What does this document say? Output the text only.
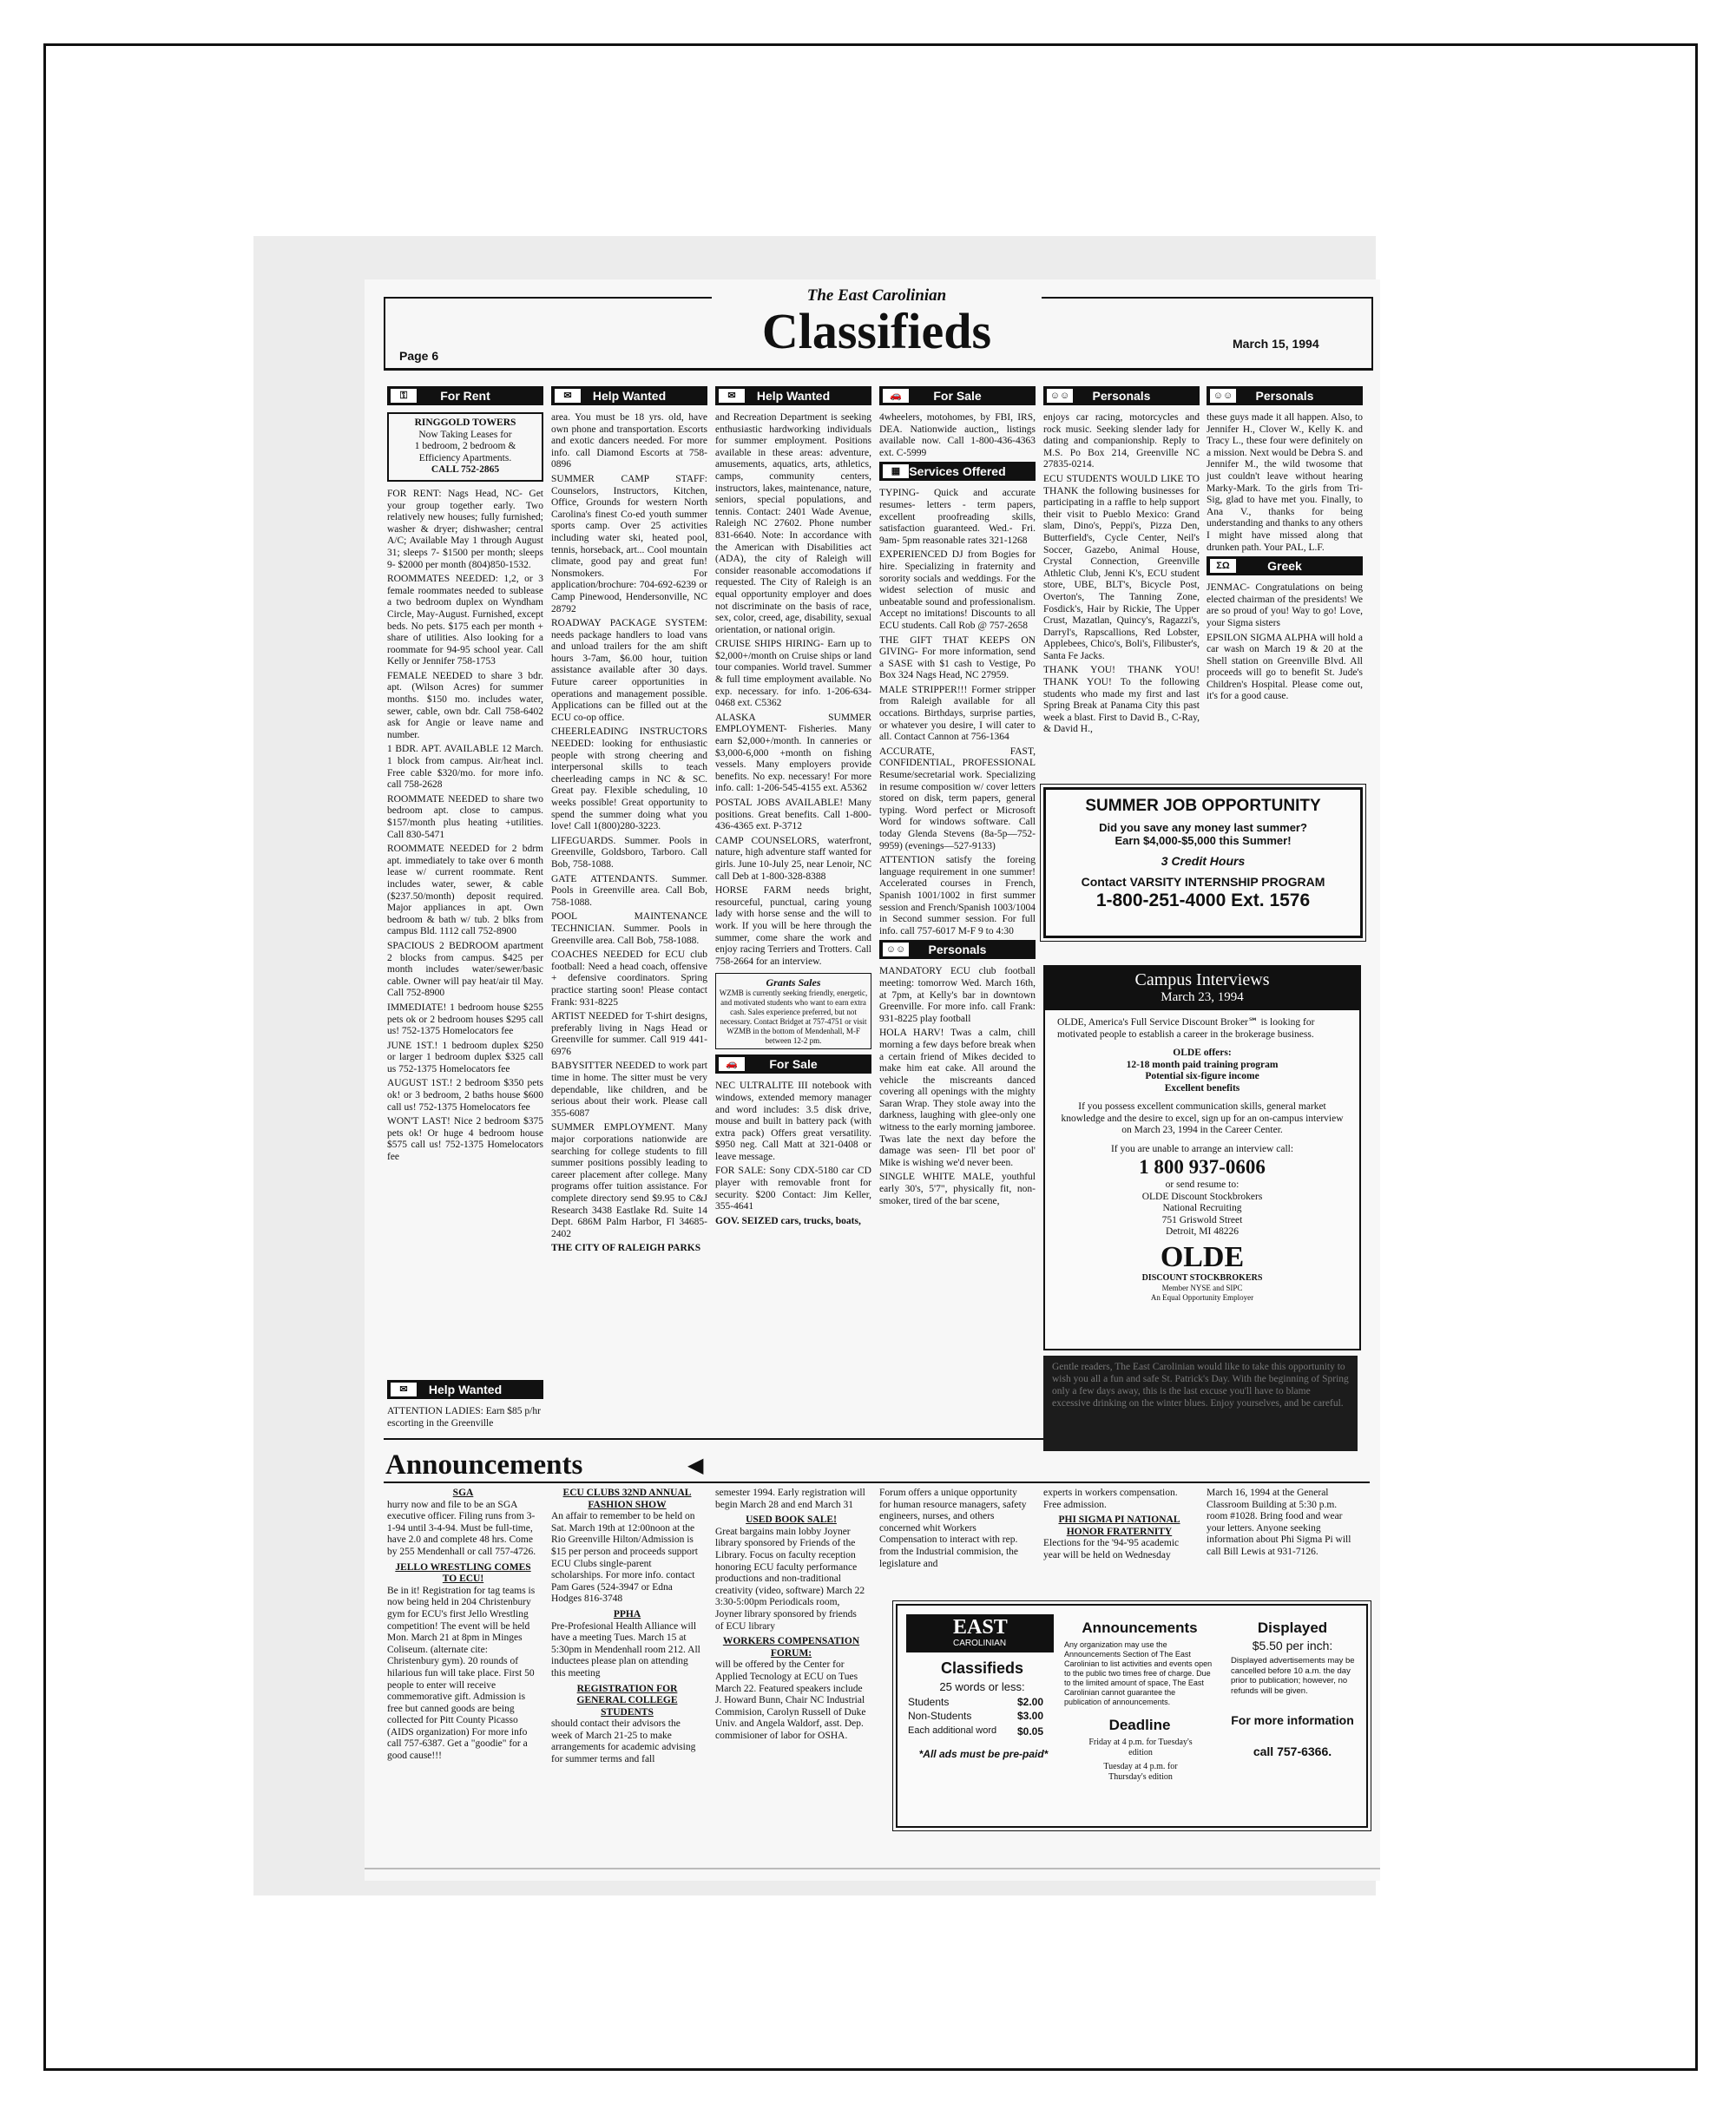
The East Carolinian
Classifieds
Page 6
March 15, 1994
⚿	For Rent
RINGGOLD TOWERS
Now Taking Leases for
1 bedroom, 2 bedroom &
Efficiency Apartments.
CALL 752-2865

FOR RENT: Nags Head, NC- Get your group together early. Two relatively new houses; fully furnished; washer & dryer; dishwasher; central A/C; Available May 1 through August 31; sleeps 7- $1500 per month; sleeps 9- $2000 per month (804)850-1532.

ROOMMATES NEEDED: 1,2, or 3 female roommates needed to sublease a two bedroom duplex on Wyndham Circle, May-August. Furnished, except beds. No pets. $175 each per month + share of utilities. Also looking for a roommate for 94-95 school year. Call Kelly or Jennifer 758-1753

FEMALE NEEDED to share 3 bdr. apt. (Wilson Acres) for summer months. $150 mo. includes water, sewer, cable, own bdr. Call 758-6402 ask for Angie or leave name and number.

1 BDR. APT. AVAILABLE 12 March. 1 block from campus. Air/heat incl. Free cable $320/mo. for more info. call 758-2628

ROOMMATE NEEDED to share two bedroom apt. close to campus. $157/month plus heating +utilities. Call 830-5471

ROOMMATE NEEDED for 2 bdrm apt. immediately to take over 6 month lease w/ current roommate. Rent includes water, sewer, & cable ($237.50/month) deposit required. Major appliances in apt. Own bedroom & bath w/ tub. 2 blks from campus Bld. 1112 call 752-8900

SPACIOUS 2 BEDROOM apartment 2 blocks from campus. $425 per month includes water/sewer/basic cable. Owner will pay heat/air til May. Call 752-8900

IMMEDIATE! 1 bedroom house $255 pets ok or 2 bedroom houses $295 call us! 752-1375 Homelocators fee

JUNE 1ST.! 1 bedroom duplex $250 or larger 1 bedroom duplex $325 call us 752-1375 Homelocators fee

AUGUST 1ST.! 2 bedroom $350 pets ok! or 3 bedroom, 2 baths house $600 call us! 752-1375 Homelocators fee

WON'T LAST! Nice 2 bedroom $375 pets ok! Or huge 4 bedroom house $575 call us! 752-1375 Homelocators fee

✉	Help Wanted

ATTENTION LADIES: Earn $85 p/hr escorting in the Greenville

✉	Help Wanted

area. You must be 18 yrs. old, have own phone and transportation. Escorts and exotic dancers needed. For more info. call Diamond Escorts at 758-0896

SUMMER CAMP STAFF: Counselors, Instructors, Kitchen, Office, Grounds for western North Carolina's finest Co-ed youth summer sports camp. Over 25 activities including water ski, heated pool, tennis, horseback, art... Cool mountain climate, good pay and great fun! Nonsmokers. For application/brochure: 704-692-6239 or Camp Pinewood, Hendersonville, NC 28792

ROADWAY PACKAGE SYSTEM: needs package handlers to load vans and unload trailers for the am shift hours 3-7am, $6.00 hour, tuition assistance available after 30 days. Future career opportunities in operations and management possible. Applications can be filled out at the ECU co-op office.

CHEERLEADING INSTRUCTORS NEEDED: looking for enthusiastic people with strong cheering and interpersonal skills to teach cheerleading camps in NC & SC. Great pay. Flexible scheduling, 10 weeks possible! Great opportunity to spend the summer doing what you love! Call 1(800)280-3223.

LIFEGUARDS. Summer. Pools in Greenville, Goldsboro, Tarboro. Call Bob, 758-1088.

GATE ATTENDANTS. Summer. Pools in Greenville area. Call Bob, 758-1088.

POOL MAINTENANCE TECHNICIAN. Summer. Pools in Greenville area. Call Bob, 758-1088.

COACHES NEEDED for ECU club football: Need a head coach, offensive + defensive coordinators. Spring practice starting soon! Please contact Frank: 931-8225

ARTIST NEEDED for T-shirt designs, preferably living in Nags Head or Greenville for summer. Call 919 441-6976

BABYSITTER NEEDED to work part time in home. The sitter must be very dependable, like children, and be serious about their work. Please call 355-6087

SUMMER EMPLOYMENT. Many major corporations nationwide are searching for college students to fill summer positions possibly leading to career placement after college. Many programs offer tuition assistance. For complete directory send $9.95 to C&J Research 3438 Eastlake Rd. Suite 14 Dept. 686M Palm Harbor, Fl 34685-2402

THE CITY OF RALEIGH PARKS

✉	Help Wanted

and Recreation Department is seeking enthusiastic hardworking individuals for summer employment. Positions available in these areas: adventure, amusements, aquatics, arts, athletics, camps, community centers, instructors, lakes, maintenance, nature, seniors, special populations, and tennis. Contact: 2401 Wade Avenue, Raleigh NC 27602. Phone number 831-6640. Note: In accordance with the American with Disabilities act (ADA), the city of Raleigh will consider reasonable accomodations if requested. The City of Raleigh is an equal opportunity employer and does not discriminate on the basis of race, sex, color, creed, age, disability, sexual orientation, or national origin.

CRUISE SHIPS HIRING- Earn up to $2,000+/month on Cruise ships or land tour companies. World travel. Summer & full time employment available. No exp. necessary. for info. 1-206-634-0468 ext. C5362

ALASKA SUMMER EMPLOYMENT- Fisheries. Many earn $2,000+/month. In canneries or $3,000-6,000 +month on fishing vessels. Many employers provide benefits. No exp. necessary! For more info. call: 1-206-545-4155 ext. A5362

POSTAL JOBS AVAILABLE! Many positions. Great benefits. Call 1-800-436-4365 ext. P-3712

CAMP COUNSELORS, waterfront, nature, high adventure staff wanted for girls. June 10-July 25, near Lenoir, NC call Deb at 1-800-328-8388

HORSE FARM needs bright, resourceful, punctual, caring young lady with horse sense and the will to work. If you will be here through the summer, come share the work and enjoy racing Terriers and Trotters. Call 758-2664 for an interview.

Grants Sales
WZMB is currently seeking friendly, energetic, and motivated students who want to earn extra cash. Sales experience preferred, but not necessary. Contact Bridget at 757-4751 or visit WZMB in the bottom of Mendenhall, M-F between 12-2 pm.
🚗	For Sale

NEC ULTRALITE III notebook with windows, extended memory manager and word includes: 3.5 disk drive, mouse and built in battery pack (with extra pack) Offers great versatility. $950 neg. Call Matt at 321-0408 or leave message.

FOR SALE: Sony CDX-5180 car CD player with removable front for security. $200 Contact: Jim Keller, 355-4641

GOV. SEIZED cars, trucks, boats,

🚗	For Sale

4wheelers, motohomes, by FBI, IRS, DEA. Nationwide auction,, listings available now. Call 1-800-436-4363 ext. C-5999

▦ Services Offered

TYPING- Quick and accurate resumes- letters - term papers, excellent proofreading skills, satisfaction guaranteed. Wed.- Fri. 9am- 5pm reasonable rates 321-1268

EXPERIENCED DJ from Bogies for hire. Specializing in fraternity and sorority socials and weddings. For the widest selection of music and unbeatable sound and professionalism. Accept no imitations! Discounts to all ECU students. Call Rob @ 757-2658

THE GIFT THAT KEEPS ON GIVING- For more information, send a SASE with $1 cash to Vestige, Po Box 324 Nags Head, NC 27959.

MALE STRIPPER!!! Former stripper from Raleigh available for all occations. Birthdays, surprise parties, or whatever you desire, I will cater to all. Contact Cannon at 756-1364

ACCURATE, FAST, CONFIDENTIAL, PROFESSIONAL Resume/secretarial work. Specializing in resume composition w/ cover letters stored on disk, term papers, general typing. Word perfect or Microsoft Word for windows software. Call today Glenda Stevens (8a-5p—752-9959) (evenings—527-9133)

ATTENTION satisfy the foreing language requirement in one summer! Accelerated courses in French, Spanish 1001/1002 in first summer session and French/Spanish 1003/1004 in Second summer session. For full info. call 757-6017 M-F 9 to 4:30

☺☺ Personals

MANDATORY ECU club football meeting: tomorrow Wed. March 16th, at 7pm, at Kelly's bar in downtown Greenville. For more info. call Frank: 931-8225 play football

HOLA HARV! Twas a calm, chill morning a few days before break when a certain friend of Mikes decided to make him eat cake. All around the vehicle the miscreants danced covering all openings with the mighty Saran Wrap. They stole away into the darkness, laughing with glee-only one witness to the early morning jamboree. Twas late the next day before the damage was seen- I'll bet poor ol' Mike is wishing we'd never been.

SINGLE WHITE MALE, youthful early 30's, 5'7", physically fit, non-smoker, tired of the bar scene,

☺☺ Personals

enjoys car racing, motorcycles and rock music. Seeking slender lady for dating and companionship. Reply to M.S. Po Box 214, Greenville NC 27835-0214.

ECU STUDENTS WOULD LIKE TO THANK the following businesses for participating in a raffle to help support their visit to Pueblo Mexico: Grand slam, Dino's, Peppi's, Pizza Den, Butterfield's, Cycle Center, Neil's Soccer, Gazebo, Animal House, Crystal Connection, Greenville Athletic Club, Jenni K's, ECU student store, UBE, BLT's, Bicycle Post, Overton's, The Tanning Zone, Fosdick's, Hair by Rickie, The Upper Crust, Mazatlan, Quincy's, Ragazzi's, Darryl's, Rapscallions, Red Lobster, Applebees, Chico's, Boli's, Filibuster's, Santa Fe Jacks.

THANK YOU! THANK YOU! THANK YOU! To the following students who made my first and last Spring Break at Panama City this past week a blast. First to David B., C-Ray, & David H.,

☺☺ Personals

these guys made it all happen. Also, to Jennifer H., Clover W., Kelly K. and Tracy L., these four were definitely on a mission. Next would be Debra S. and Jennifer M., the wild twosome that just couldn't leave without hearing Marky-Mark. To the girls from Tri-Sig, glad to have met you. Finally, to Ana V., thanks for being understanding and thanks to any others I might have missed along that drunken path. Your PAL, L.F.

ΣΩ	Greek

JENMAC- Congratulations on being elected chairman of the presidents! We are so proud of you! Way to go! Love, your Sigma sisters

EPSILON SIGMA ALPHA will hold a car wash on March 19 & 20 at the Shell station on Greenville Blvd. All proceeds will go to benefit St. Jude's Children's Hospital. Please come out, it's for a good cause.

SUMMER JOB OPPORTUNITY
Did you save any money last summer?
Earn $4,000-$5,000 this Summer!
3 Credit Hours
Contact VARSITY INTERNSHIP PROGRAM
1-800-251-4000 Ext. 1576
Campus Interviews
March 23, 1994
OLDE, America's Full Service Discount Broker℠ is looking for motivated people to establish a career in the brokerage business.
OLDE offers:
12-18 month paid training program
Potential six-figure income
Excellent benefits
If you possess excellent communication skills, general market knowledge and the desire to excel, sign up for an on-campus interview on March 23, 1994 in the Career Center.
If you are unable to arrange an interview call:
1 800 937-0606
or send resume to:
OLDE Discount Stockbrokers
National Recruiting
751 Griswold Street
Detroit, MI 48226
OLDE
DISCOUNT STOCKBROKERS
Member NYSE and SIPC
An Equal Opportunity Employer
Gentle readers, The East Carolinian would like to take this opportunity to wish you all a fun and safe St. Patrick's Day. With the beginning of Spring only a few days away, this is the last excuse you'll have to blame excessive drinking on the winter blues. Enjoy yourselves, and be careful.
Announcements	◀
SGA

hurry now and file to be an SGA executive officer. Filing runs from 3-1-94 until 3-4-94. Must be full-time, have 2.0 and complete 48 hrs. Come by 255 Mendenhall or call 757-4726.

JELLO WRESTLING COMES TO ECU!

Be in it! Registration for tag teams is now being held in 204 Christenbury gym for ECU's first Jello Wrestling competition! The event will be held Mon. March 21 at 8pm in Minges Coliseum. (alternate cite: Christenbury gym). 20 rounds of hilarious fun will take place. First 50 people to enter will receive commemorative gift. Admission is free but canned goods are being collected for Pitt County Picasso (AIDS organization) For more info call 757-6387. Get a "goodie" for a good cause!!!

ECU CLUBS 32ND ANNUAL FASHION SHOW

An affair to remember to be held on Sat. March 19th at 12:00noon at the Rio Greenville Hilton/Admission is $15 per person and proceeds support ECU Clubs single-parent scholarships. For more info. contact Pam Gares (524-3947 or Edna Hodges 816-3748

PPHA

Pre-Profesional Health Alliance will have a meeting Tues. March 15 at 5:30pm in Mendenhall room 212. All inductees please plan on attending this meeting

REGISTRATION FOR GENERAL COLLEGE STUDENTS

should contact their advisors the week of March 21-25 to make arrangements for academic advising for summer terms and fall

semester 1994. Early registration will begin March 28 and end March 31

USED BOOK SALE!

Great bargains main lobby Joyner library sponsored by Friends of the Library. Focus on faculty reception honoring ECU faculty performance productions and non-traditional creativity (video, software) March 22 3:30-5:00pm Periodicals room, Joyner library sponsored by friends of ECU library

WORKERS COMPENSATION FORUM:

will be offered by the Center for Applied Tecnology at ECU on Tues March 22. Featured speakers include J. Howard Bunn, Chair NC Industrial Commision, Carolyn Russell of Duke Univ. and Angela Waldorf, asst. Dep. commisioner of labor for OSHA.

Forum offers a unique opportunity for human resource managers, safety engineers, nurses, and others concerned whit Workers Compensation to interact with rep. from the Industrial commision, the legislature and

experts in workers compensation. Free admission.

PHI SIGMA PI NATIONAL HONOR FRATERNITY

Elections for the '94-'95 academic year will be held on Wednesday

March 16, 1994 at the General Classroom Building at 5:30 p.m. room #1028. Bring food and wear your letters. Anyone seeking information about Phi Sigma Pi will call Bill Lewis at 931-7126.

EAST
CAROLINIAN
Classifieds
25 words or less:
Students	$2.00
Non-Students	$3.00
Each additional word $0.05
*All ads must be pre-paid*
Announcements
Any organization may use the Announcements Section of The East Carolinian to list activities and events open to the public two times free of charge. Due to the limited amount of space, The East Carolinian cannot guarantee the publication of announcements.
Deadline
Friday at 4 p.m. for Tuesday's edition
Tuesday at 4 p.m. for Thursday's edition
Displayed
$5.50 per inch:
Displayed advertisements may be cancelled before 10 a.m. the day prior to publication; however, no refunds will be given.
For more information
call 757-6366.
